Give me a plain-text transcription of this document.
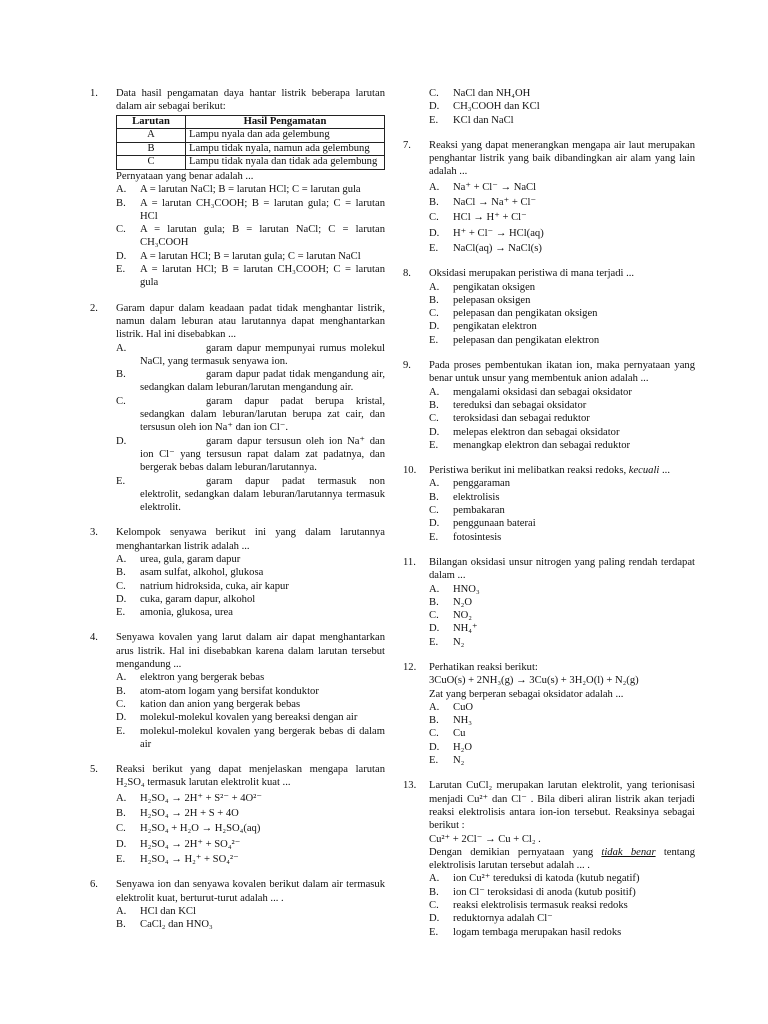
1. Data hasil pengamatan daya hantar listrik beberapa larutan dalam air sebagai berikut:
Larutan	Hasil Pengamatan
A	Lampu nyala dan ada gelembung
B	Lampu tidak nyala, namun ada gelembung
C	Lampu tidak nyala dan tidak ada gelembung
Pernyataan yang benar adalah ...
A. A = larutan NaCl; B = larutan HCl; C = larutan gula
B. A = larutan CH₃COOH; B = larutan gula; C = larutan HCl
C. A = larutan gula; B = larutan NaCl; C = larutan CH₃COOH
D. A = larutan HCl; B = larutan gula; C = larutan NaCl
E. A = larutan HCl; B = larutan CH₃COOH; C = larutan gula
2. Garam dapur dalam keadaan padat tidak menghantar listrik, namun dalam leburan atau larutannya dapat menghantarkan listrik. Hal ini disebabkan ...
A.	garam dapur mempunyai rumus molekul NaCl, yang termasuk senyawa ion.
B.	garam dapur padat tidak mengandung air, sedangkan dalam leburan/larutan mengandung air.
C.	garam dapur padat berupa kristal, sedangkan dalam leburan/larutan berupa zat cair, dan tersusun oleh ion Na⁺ dan ion Cl⁻.
D.	garam dapur tersusun oleh ion Na⁺ dan ion Cl⁻ yang tersusun rapat dalam zat padatnya, dan bergerak bebas dalam leburan/larutannya.
E.	garam dapur padat termasuk non elektrolit, sedangkan dalam leburan/larutannya termasuk elektrolit.
3. Kelompok senyawa berikut ini yang dalam larutannya menghantarkan listrik adalah ...
A. urea, gula, garam dapur
B. asam sulfat, alkohol, glukosa
C. natrium hidroksida, cuka, air kapur
D. cuka, garam dapur, alkohol
E. amonia, glukosa, urea
4. Senyawa kovalen yang larut dalam air dapat menghantarkan arus listrik. Hal ini disebabkan karena dalam larutan tersebut mengandung ...
A. elektron yang bergerak bebas
B. atom-atom logam yang bersifat konduktor
C. kation dan anion yang bergerak bebas
D. molekul-molekul kovalen yang bereaksi dengan air
E. molekul-molekul kovalen yang bergerak bebas di dalam air
5. Reaksi berikut yang dapat menjelaskan mengapa larutan H₂SO₄ termasuk larutan elektrolit kuat ...
A. H₂SO₄ → 2H⁺ + S²⁻ + 4O²⁻
B. H₂SO₄ → 2H + S + 4O
C. H₂SO₄ + H₂O → H₂SO₄(aq)
D. H₂SO₄ → 2H⁺ + SO₄²⁻
E. H₂SO₄ → H₂⁺ + SO₄²⁻
6. Senyawa ion dan senyawa kovalen berikut dalam air termasuk elektrolit kuat, berturut-turut adalah ... .
A. HCl dan KCl
B. CaCl₂ dan HNO₃
C. NaCl dan NH₄OH
D. CH₃COOH dan KCl
E. KCl dan NaCl
7. Reaksi yang dapat menerangkan mengapa air laut merupakan penghantar listrik yang baik dibandingkan air alam yang lain adalah ...
A. Na⁺ + Cl⁻ → NaCl
B. NaCl → Na⁺ + Cl⁻
C. HCl → H⁺ + Cl⁻
D. H⁺ + Cl⁻ → HCl(aq)
E. NaCl(aq) → NaCl(s)
8. Oksidasi merupakan peristiwa di mana terjadi ...
A. pengikatan oksigen
B. pelepasan oksigen
C. pelepasan dan pengikatan oksigen
D. pengikatan elektron
E. pelepasan dan pengikatan elektron
9. Pada proses pembentukan ikatan ion, maka pernyataan yang benar untuk unsur yang membentuk anion adalah ...
A. mengalami oksidasi dan sebagai oksidator
B. tereduksi dan sebagai oksidator
C. teroksidasi dan sebagai reduktor
D. melepas elektron dan sebagai oksidator
E. menangkap elektron dan sebagai reduktor
10. Peristiwa berikut ini melibatkan reaksi redoks, kecuali ...
A. penggaraman
B. elektrolisis
C. pembakaran
D. penggunaan baterai
E. fotosintesis
11. Bilangan oksidasi unsur nitrogen yang paling rendah terdapat dalam ...
A. HNO₃
B. N₂O
C. NO₂
D. NH₄⁺
E. N₂
12. Perhatikan reaksi berikut:
3CuO(s) + 2NH₃(g) → 3Cu(s) + 3H₂O(l) + N₂(g)
Zat yang berperan sebagai oksidator adalah ...
A. CuO
B. NH₃
C. Cu
D. H₂O
E. N₂
13. Larutan CuCl₂ merupakan larutan elektrolit, yang terionisasi menjadi Cu²⁺ dan Cl⁻ . Bila diberi aliran listrik akan terjadi reaksi elektrolisis antara ion-ion tersebut. Reaksinya sebagai berikut :
Cu²⁺ + 2Cl⁻ → Cu + Cl₂ .
Dengan demikian pernyataan yang tidak benar tentang elektrolisis larutan tersebut adalah ... .
A. ion Cu²⁺ tereduksi di katoda (kutub negatif)
B. ion Cl⁻ teroksidasi di anoda (kutub positif)
C. reaksi elektrolisis termasuk reaksi redoks
D. reduktornya adalah Cl⁻
E. logam tembaga merupakan hasil redoks
